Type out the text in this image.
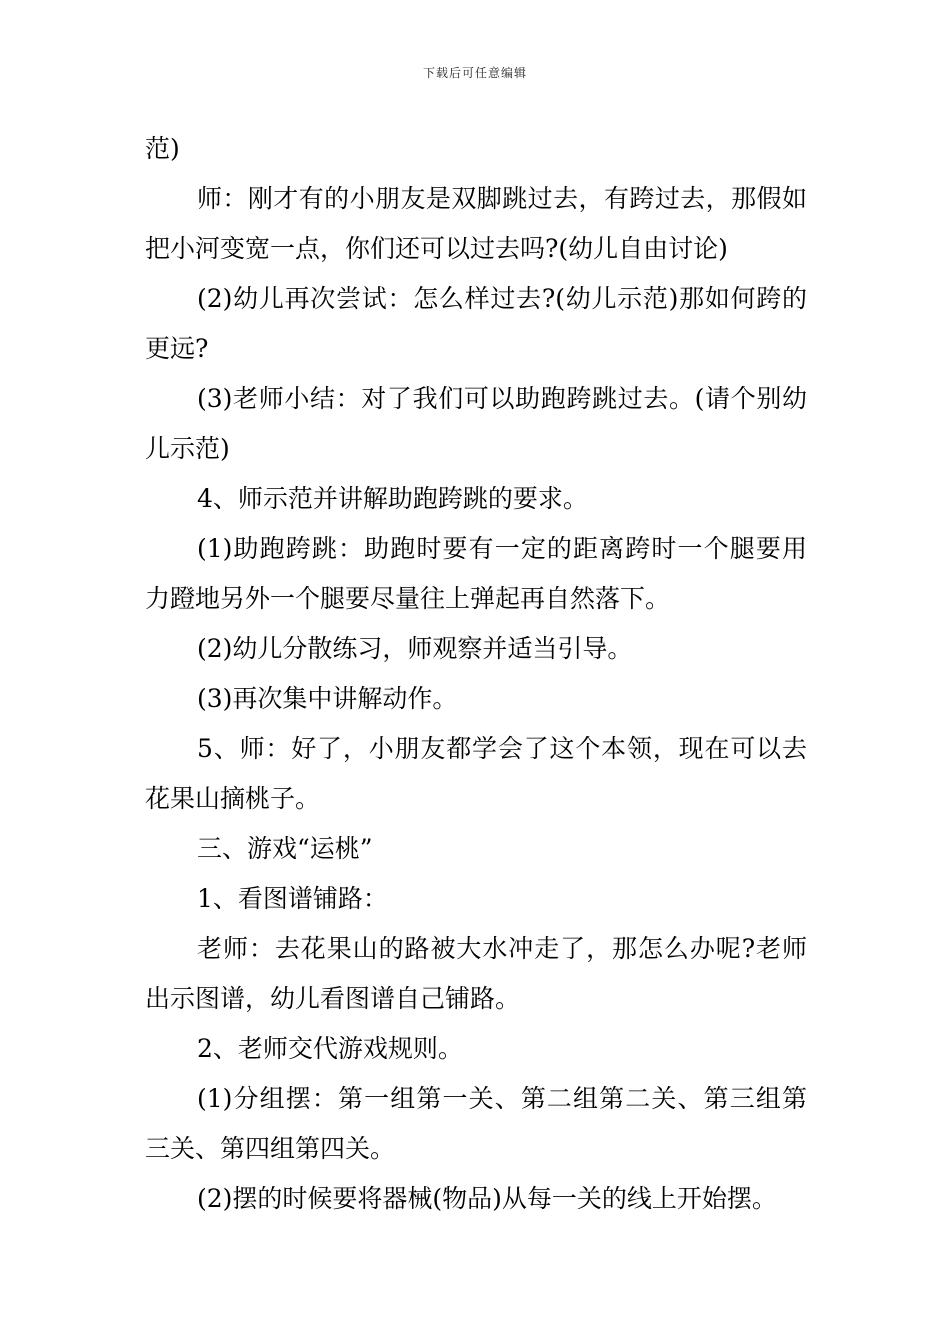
下载后可任意编辑

范)

师：刚才有的小朋友是双脚跳过去，有跨过去，那假如把小河变宽一点，你们还可以过去吗?(幼儿自由讨论)

(2)幼儿再次尝试：怎么样过去?(幼儿示范)那如何跨的更远?

(3)老师小结：对了我们可以助跑跨跳过去。(请个别幼儿示范)

4、师示范并讲解助跑跨跳的要求。

(1)助跑跨跳：助跑时要有一定的距离跨时一个腿要用力蹬地另外一个腿要尽量往上弹起再自然落下。

(2)幼儿分散练习，师观察并适当引导。

(3)再次集中讲解动作。

5、师：好了，小朋友都学会了这个本领，现在可以去花果山摘桃子。

三、游戏“运桃”

1、看图谱铺路：

老师：去花果山的路被大水冲走了，那怎么办呢?老师出示图谱，幼儿看图谱自己铺路。

2、老师交代游戏规则。

(1)分组摆：第一组第一关、第二组第二关、第三组第三关、第四组第四关。

(2)摆的时候要将器械(物品)从每一关的线上开始摆。
